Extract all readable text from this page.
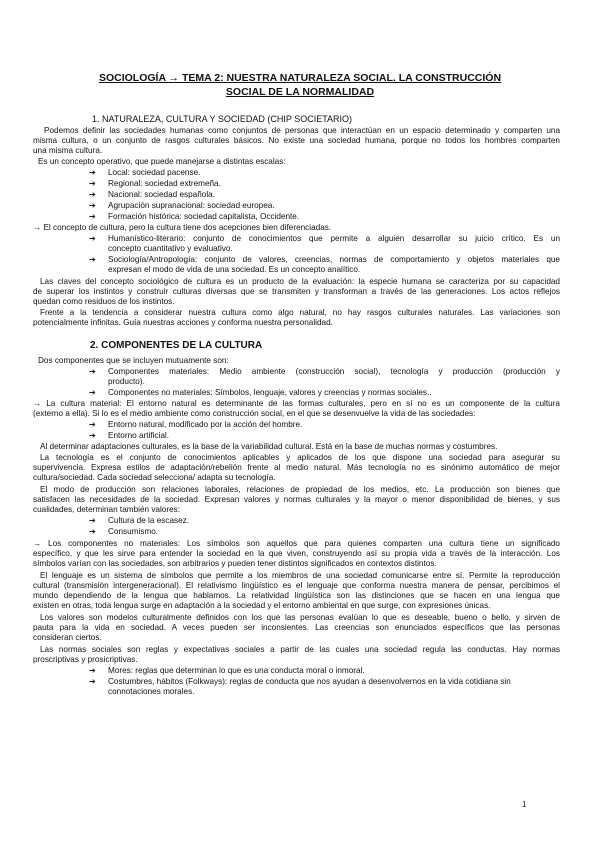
SOCIOLOGÍA → TEMA 2: NUESTRA NATURALEZA SOCIAL. LA CONSTRUCCIÓN
SOCIAL DE LA NORMALIDAD
1. NATURALEZA, CULTURA Y SOCIEDAD (CHIP SOCIETARIO)
Podemos definir las sociedades humanas como conjuntos de personas que interactúan en un espacio determinado y comparten una
misma cultura, o un conjunto de rasgos culturales básicos. No existe una sociedad humana, porque no todos los hombres comparten
una misma cultura.
Es un concepto operativo, que puede manejarse a distintas escalas:
➔ Local: sociedad pacense.
➔ Regional: sociedad extremeña.
➔ Nacional: sociedad española.
➔ Agrupación supranacional: sociedad europea.
➔ Formación histórica: sociedad capitalista, Occidente.
→ El concepto de cultura, pero la cultura tiene dos acepciones bien diferenciadas.
➔ Humanístico-literario: conjunto de conocimientos que permite a alguien desarrollar su juicio crítico. Es un
concepto cuantitativo y evaluativo.
➔ Sociología/Antropología: conjunto de valores, creencias, normas de comportamiento y objetos materiales que
expresan el modo de vida de una sociedad. Es un concepto analítico.
Las claves del concepto sociológico de cultura es un producto de la evaluación: la especie humana se caracteriza por su capacidad
de superar los instintos y construir culturas diversas que se transmiten y transforman a través de las generaciones. Los actos reflejos
quedan como residuos de los instintos.
Frente a la tendencia a considerar nuestra cultura como algo natural, no hay rasgos culturales naturales. Las variaciones son
potencialmente infinitas. Guía nuestras acciones y conforma nuestra personalidad.
2. COMPONENTES DE LA CULTURA
Dos componentes que se incluyen mutuamente son:
➔ Componentes materiales: Medio ambiente (construcción social), tecnología y producción (producción y
producto).
➔ Componentes no materiales: Símbolos, lenguaje, valores y creencias y normas sociales..
→ La cultura material: El entorno natural es determinante de las formas culturales, pero en sí no es un componente de la cultura
(externo a ella). Si lo es el medio ambiente como construcción social, en el que se desenvuelve la vida de las sociedades:
➔ Entorno natural, modificado por la acción del hombre.
➔ Entorno artificial.
Al determinar adaptaciones culturales, es la base de la variabilidad cultural. Está en la base de muchas normas y costumbres.
La tecnología es el conjunto de conocimientos aplicables y aplicados de los que dispone una sociedad para asegurar su
supervivencia. Expresa estilos de adaptación/rebelión frente al medio natural. Más tecnología no es sinónimo automático de mejor
cultura/sociedad. Cada sociedad selecciona/ adapta su tecnología.
El modo de producción son relaciones laborales, relaciones de propiedad de los medios, etc. La producción son bienes que
satisfacen las necesidades de la sociedad. Expresan valores y normas culturales y la mayor o menor disponibilidad de bienes, y sus
cualidades, determinan también valores:
➔ Cultura de la escasez.
➔ Consumismo.
→ Los componentes no materiales: Los símbolos son aquellos que para quienes comparten una cultura tiene un significado
específico, y que les sirve para entender la sociedad en la que viven, construyendo así su propia vida a través de la interacción. Los
símbolos varían con las sociedades, son arbitrarios y pueden tener distintos significados en contextos distintos.
El lenguaje es un sistema de símbolos que permite a los miembros de una sociedad comunicarse entre sí. Permite la reproducción
cultural (transmisión intergeneracional). El relativismo lingüístico es el lenguaje que conforma nuestra manera de pensar, percibimos el
mundo dependiendo de la lengua que hablamos. La relatividad lingüística son las distinciones que se hacen en una lengua que
existen en otras, toda lengua surge en adaptación a la sociedad y el entorno ambiental en que surge, con expresiones únicas.
Los valores son modelos culturalmente definidos con los que las personas evalúan lo que es deseable, bueno o bello, y sirven de
pauta para la vida en sociedad. A veces pueden ser inconsientes. Las creencias son enunciados específicos que las personas
consideran ciertos.
Las normas sociales son reglas y expectativas sociales a partir de las cuales una sociedad regula las conductas. Hay normas
proscriptivas y prosicriptivas.
➔ Mores: reglas que determinan lo que es una conducta moral o inmoral.
➔ Costumbres, hábitos (Folkways): reglas de conducta que nos ayudan a desenvolvernos en la vida cotidiana sin
connotaciones morales.
1
